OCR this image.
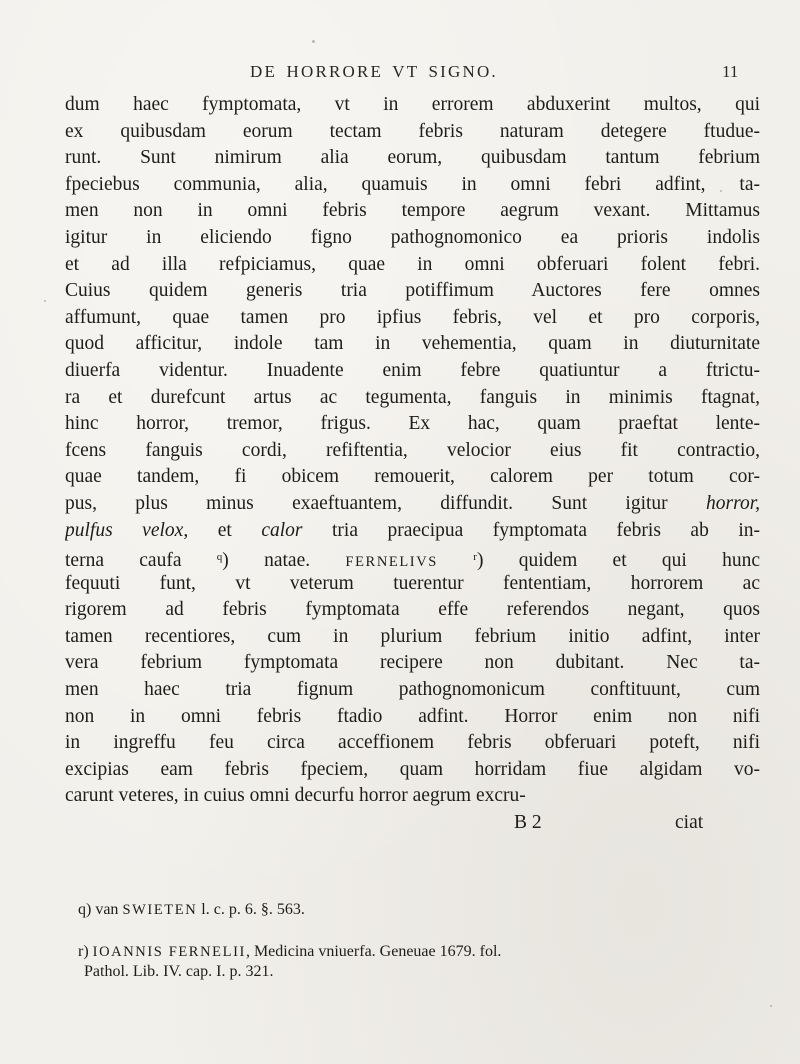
DE HORRORE VT SIGNO.	11
dum haec fymptomata, vt in errorem abduxerint multos, qui
ex quibusdam eorum tectam febris naturam detegere ftudue-
runt. Sunt nimirum alia eorum, quibusdam tantum febrium
fpeciebus communia, alia, quamuis in omni febri adfint, ta-
men non in omni febris tempore aegrum vexant. Mittamus
igitur in eliciendo figno pathognomonico ea prioris indolis
et ad illa refpiciamus, quae in omni obferuari folent febri.
Cuius quidem generis tria potiffimum Auctores fere omnes
affumunt, quae tamen pro ipfius febris, vel et pro corporis,
quod afficitur, indole tam in vehementia, quam in diuturnitate
diuerfa videntur. Inuadente enim febre quatiuntur a ftrictu-
ra et durefcunt artus ac tegumenta, fanguis in minimis ftagnat,
hinc horror, tremor, frigus. Ex hac, quam praeftat lente-
fcens fanguis cordi, refiftentia, velocior eius fit contractio,
quae tandem, fi obicem remouerit, calorem per totum cor-
pus, plus minus exaeftuantem, diffundit. Sunt igitur horror,
pulfus velox, et calor tria praecipua fymptomata febris ab in-
terna caufa	$^q$) natae. FERNELIVS	$^r$) quidem et qui hunc
fequuti funt, vt veterum tuerentur fententiam, horrorem ac
rigorem ad febris fymptomata effe referendos negant, quos
tamen recentiores, cum in plurium febrium initio adfint, inter
vera febrium fymptomata recipere non dubitant. Nec ta-
men haec tria fignum pathognomonicum conftituunt, cum
non in omni febris ftadio adfint. Horror enim non nifi
in ingreffu feu circa acceffionem febris obferuari poteft, nifi
excipias eam febris fpeciem, quam horridam fiue algidam vo-
carunt veteres, in cuius omni decurfu horror aegrum excru-
B 2	ciat
q) van SWIETEN l. c. p. 6. §. 563.
r) IOANNIS FERNELII, Medicina vniuerfa. Geneuae 1679. fol.
Pathol. Lib. IV. cap. I. p. 321.
